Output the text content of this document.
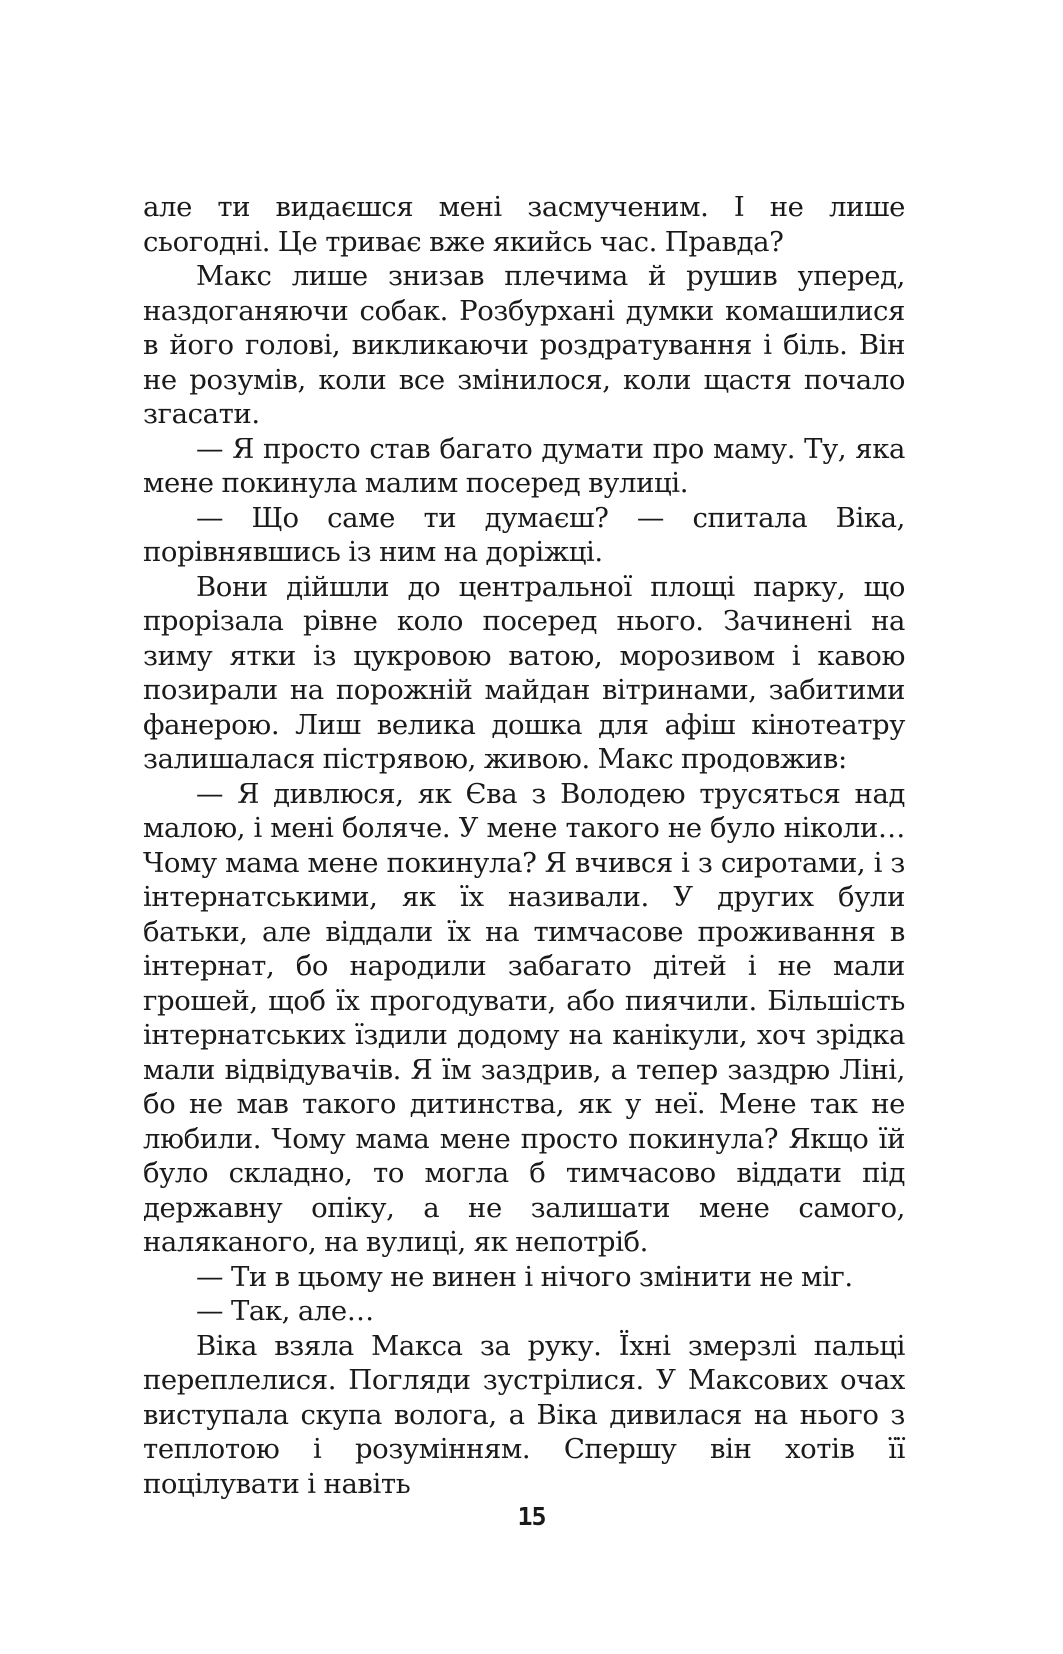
але ти видаєшся мені засмученим. І не лише сьогодні. Це триває вже якийсь час. Правда?

Макс лише знизав плечима й рушив уперед, наздоганяючи собак. Розбурхані думки комашилися в його голові, викликаючи роздратування і біль. Він не розумів, коли все змінилося, коли щастя почало згасати.

— Я просто став багато думати про маму. Ту, яка мене покинула малим посеред вулиці.

— Що саме ти думаєш? — спитала Віка, порівнявшись із ним на доріжці.

Вони дійшли до центральної площі парку, що прорізала рівне коло посеред нього. Зачинені на зиму ятки із цукровою ватою, морозивом і кавою позирали на порожній майдан вітринами, забитими фанерою. Лиш велика дошка для афіш кінотеатру залишалася пістрявою, живою. Макс продовжив:

— Я дивлюся, як Єва з Володею трусяться над малою, і мені боляче. У мене такого не було ніколи… Чому мама мене покинула? Я вчився і з сиротами, і з інтернатськими, як їх називали. У других були батьки, але віддали їх на тимчасове проживання в інтернат, бо народили забагато дітей і не мали грошей, щоб їх прогодувати, або пиячили. Більшість інтернатських їздили додому на канікули, хоч зрідка мали відвідувачів. Я їм заздрив, а тепер заздрю Ліні, бо не мав такого дитинства, як у неї. Мене так не любили. Чому мама мене просто покинула? Якщо їй було складно, то могла б тимчасово віддати під державну опіку, а не залишати мене самого, наляканого, на вулиці, як непотріб.

— Ти в цьому не винен і нічого змінити не міг.

— Так, але…

Віка взяла Макса за руку. Їхні змерзлі пальці переплелися. Погляди зустрілися. У Максових очах виступала скупа волога, а Віка дивилася на нього з теплотою і розумінням. Спершу він хотів її поцілувати і навіть

15
